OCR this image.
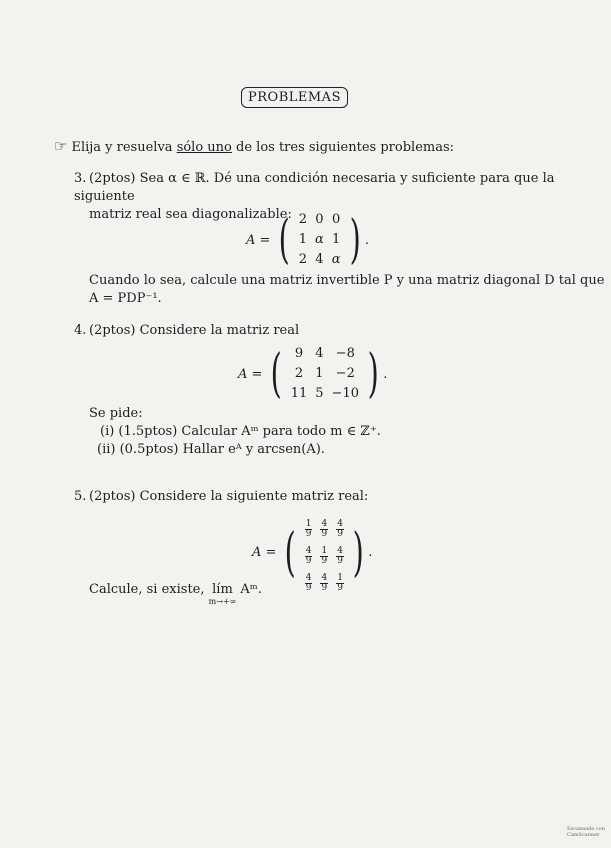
PROBLEMAS
☞ Elija y resuelva sólo uno de los tres siguientes problemas:
3. (2ptos) Sea α ∈ ℝ. Dé una condición necesaria y suficiente para que la siguiente
matriz real sea diagonalizable:
A = ( 2	0	0
1	α	1
2	4	α ) .
Cuando lo sea, calcule una matriz invertible P y una matriz diagonal D tal que
A = PDP⁻¹.
4. (2ptos) Considere la matriz real
A = ( 9	4	−8
2	1	−2
11	5	−10 ) .
Se pide:
(i) (1.5ptos) Calcular Aᵐ para todo m ∈ ℤ⁺.
(ii) (0.5ptos) Hallar eᴬ y arcsen(A).
5. (2ptos) Considere la siguiente matriz real:
A = ( $\frac{1}{9}$	$\frac{4}{9}$	$\frac{4}{9}$

$\frac{4}{9}$	$\frac{1}{9}$	$\frac{4}{9}$

$\frac{4}{9}$	$\frac{4}{9}$	$\frac{1}{9}$
) .
Calcule, si existe, lím
m→+∞
Aᵐ.
Escaneado con
CamScanner
